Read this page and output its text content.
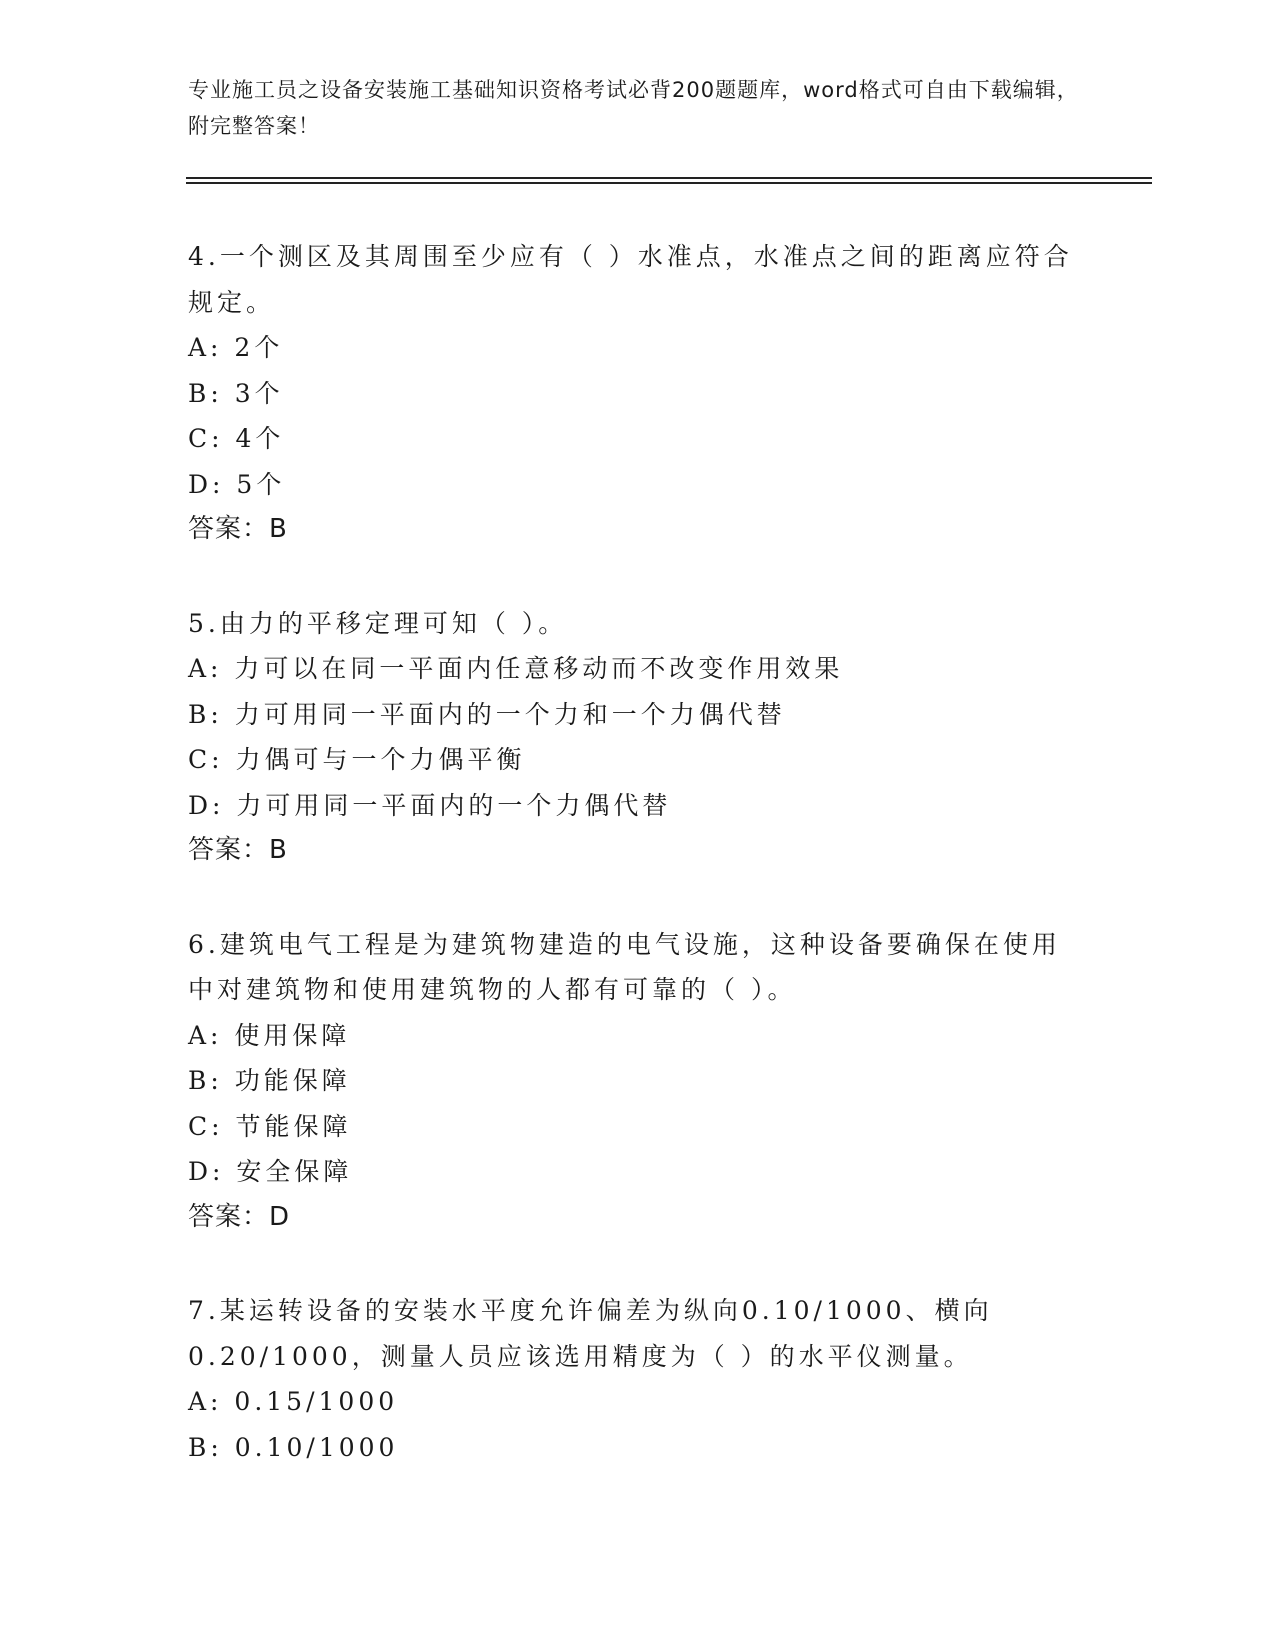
专业施工员之设备安装施工基础知识资格考试必背200题题库，word格式可自由下载编辑，附完整答案！
4.一个测区及其周围至少应有（ ）水准点，水准点之间的距离应符合规定。
A: 2个
B: 3个
C: 4个
D: 5个
答案：B
5.由力的平移定理可知（ ）。
A: 力可以在同一平面内任意移动而不改变作用效果
B: 力可用同一平面内的一个力和一个力偶代替
C: 力偶可与一个力偶平衡
D: 力可用同一平面内的一个力偶代替
答案：B
6.建筑电气工程是为建筑物建造的电气设施，这种设备要确保在使用中对建筑物和使用建筑物的人都有可靠的（ ）。
A: 使用保障
B: 功能保障
C: 节能保障
D: 安全保障
答案：D
7.某运转设备的安装水平度允许偏差为纵向0.10/1000、横向0.20/1000，测量人员应该选用精度为（ ）的水平仪测量。
A: 0.15/1000
B: 0.10/1000
